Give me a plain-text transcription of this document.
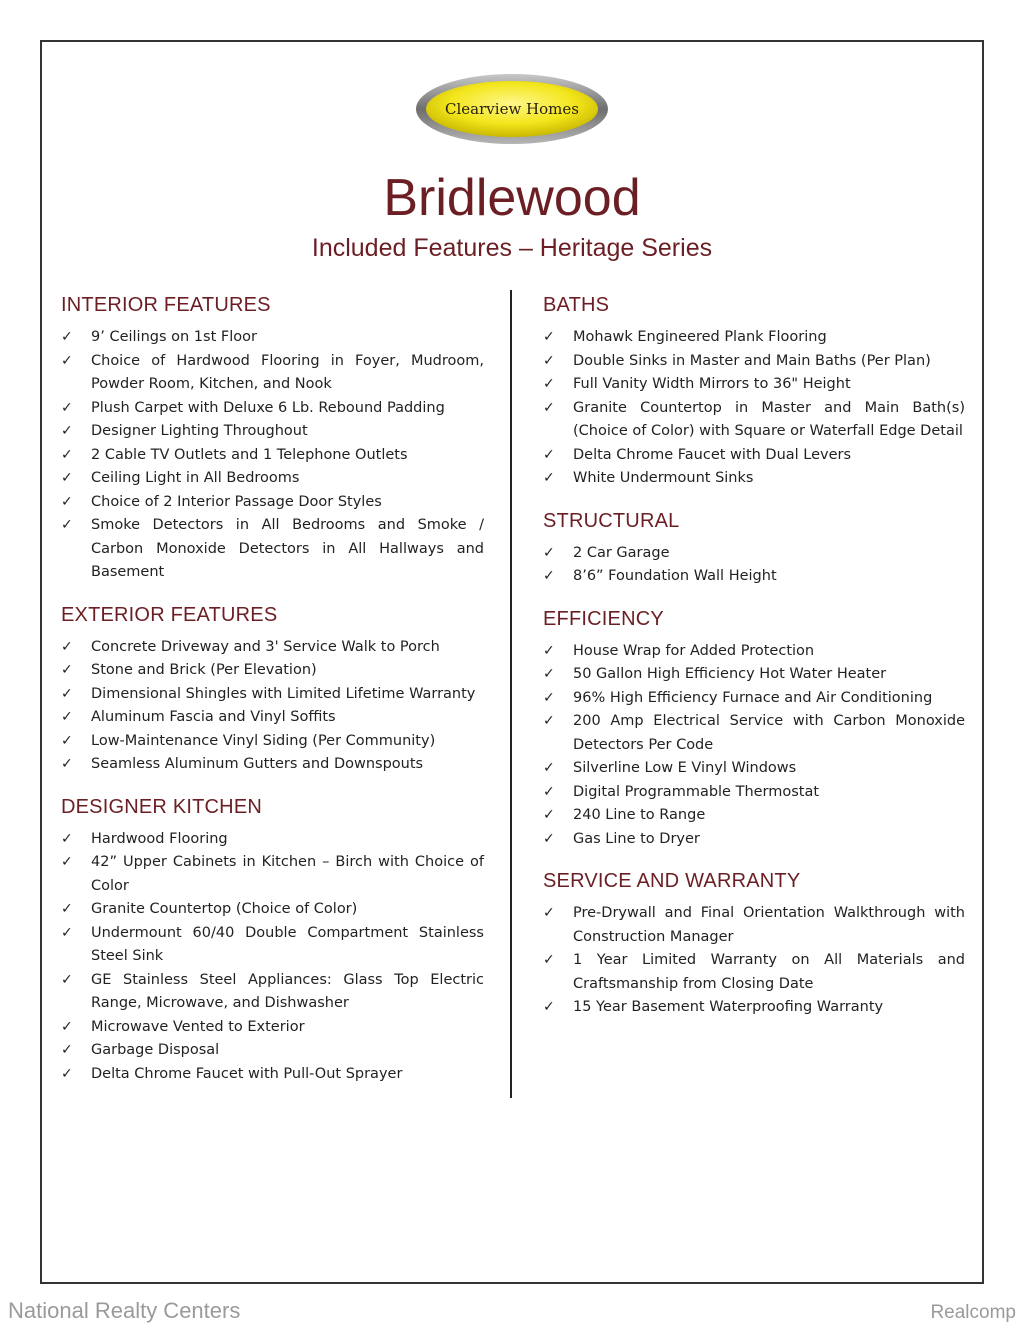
Clearview Homes
Bridlewood
Included Features – Heritage Series
INTERIOR FEATURES
✓ 9’ Ceilings on 1st Floor
✓ Choice of Hardwood Flooring in Foyer, Mudroom, Powder Room, Kitchen, and Nook
✓ Plush Carpet with Deluxe 6 Lb. Rebound Padding
✓ Designer Lighting Throughout
✓ 2 Cable TV Outlets and 1 Telephone Outlets
✓ Ceiling Light in All Bedrooms
✓ Choice of 2 Interior Passage Door Styles
✓ Smoke Detectors in All Bedrooms and Smoke / Carbon Monoxide Detectors in All Hallways and Basement
EXTERIOR FEATURES
✓ Concrete Driveway and 3' Service Walk to Porch
✓ Stone and Brick (Per Elevation)
✓ Dimensional Shingles with Limited Lifetime Warranty
✓ Aluminum Fascia and Vinyl Soffits
✓ Low-Maintenance Vinyl Siding (Per Community)
✓ Seamless Aluminum Gutters and Downspouts
DESIGNER KITCHEN
✓ Hardwood Flooring
✓ 42” Upper Cabinets in Kitchen – Birch with Choice of Color
✓ Granite Countertop (Choice of Color)
✓ Undermount 60/40 Double Compartment Stainless Steel Sink
✓ GE Stainless Steel Appliances: Glass Top Electric Range, Microwave, and Dishwasher
✓ Microwave Vented to Exterior
✓ Garbage Disposal
✓ Delta Chrome Faucet with Pull-Out Sprayer
BATHS
✓ Mohawk Engineered Plank Flooring
✓ Double Sinks in Master and Main Baths (Per Plan)
✓ Full Vanity Width Mirrors to 36" Height
✓ Granite Countertop in Master and Main Bath(s) (Choice of Color) with Square or Waterfall Edge Detail
✓ Delta Chrome Faucet with Dual Levers
✓ White Undermount Sinks
STRUCTURAL
✓ 2 Car Garage
✓ 8’6” Foundation Wall Height
EFFICIENCY
✓ House Wrap for Added Protection
✓ 50 Gallon High Efficiency Hot Water Heater
✓ 96% High Efficiency Furnace and Air Conditioning
✓ 200 Amp Electrical Service with Carbon Monoxide Detectors Per Code
✓ Silverline Low E Vinyl Windows
✓ Digital Programmable Thermostat
✓ 240 Line to Range
✓ Gas Line to Dryer
SERVICE AND WARRANTY
✓ Pre-Drywall and Final Orientation Walkthrough with Construction Manager
✓ 1 Year Limited Warranty on All Materials and Craftsmanship from Closing Date
✓ 15 Year Basement Waterproofing Warranty
National Realty Centers	Realcomp
